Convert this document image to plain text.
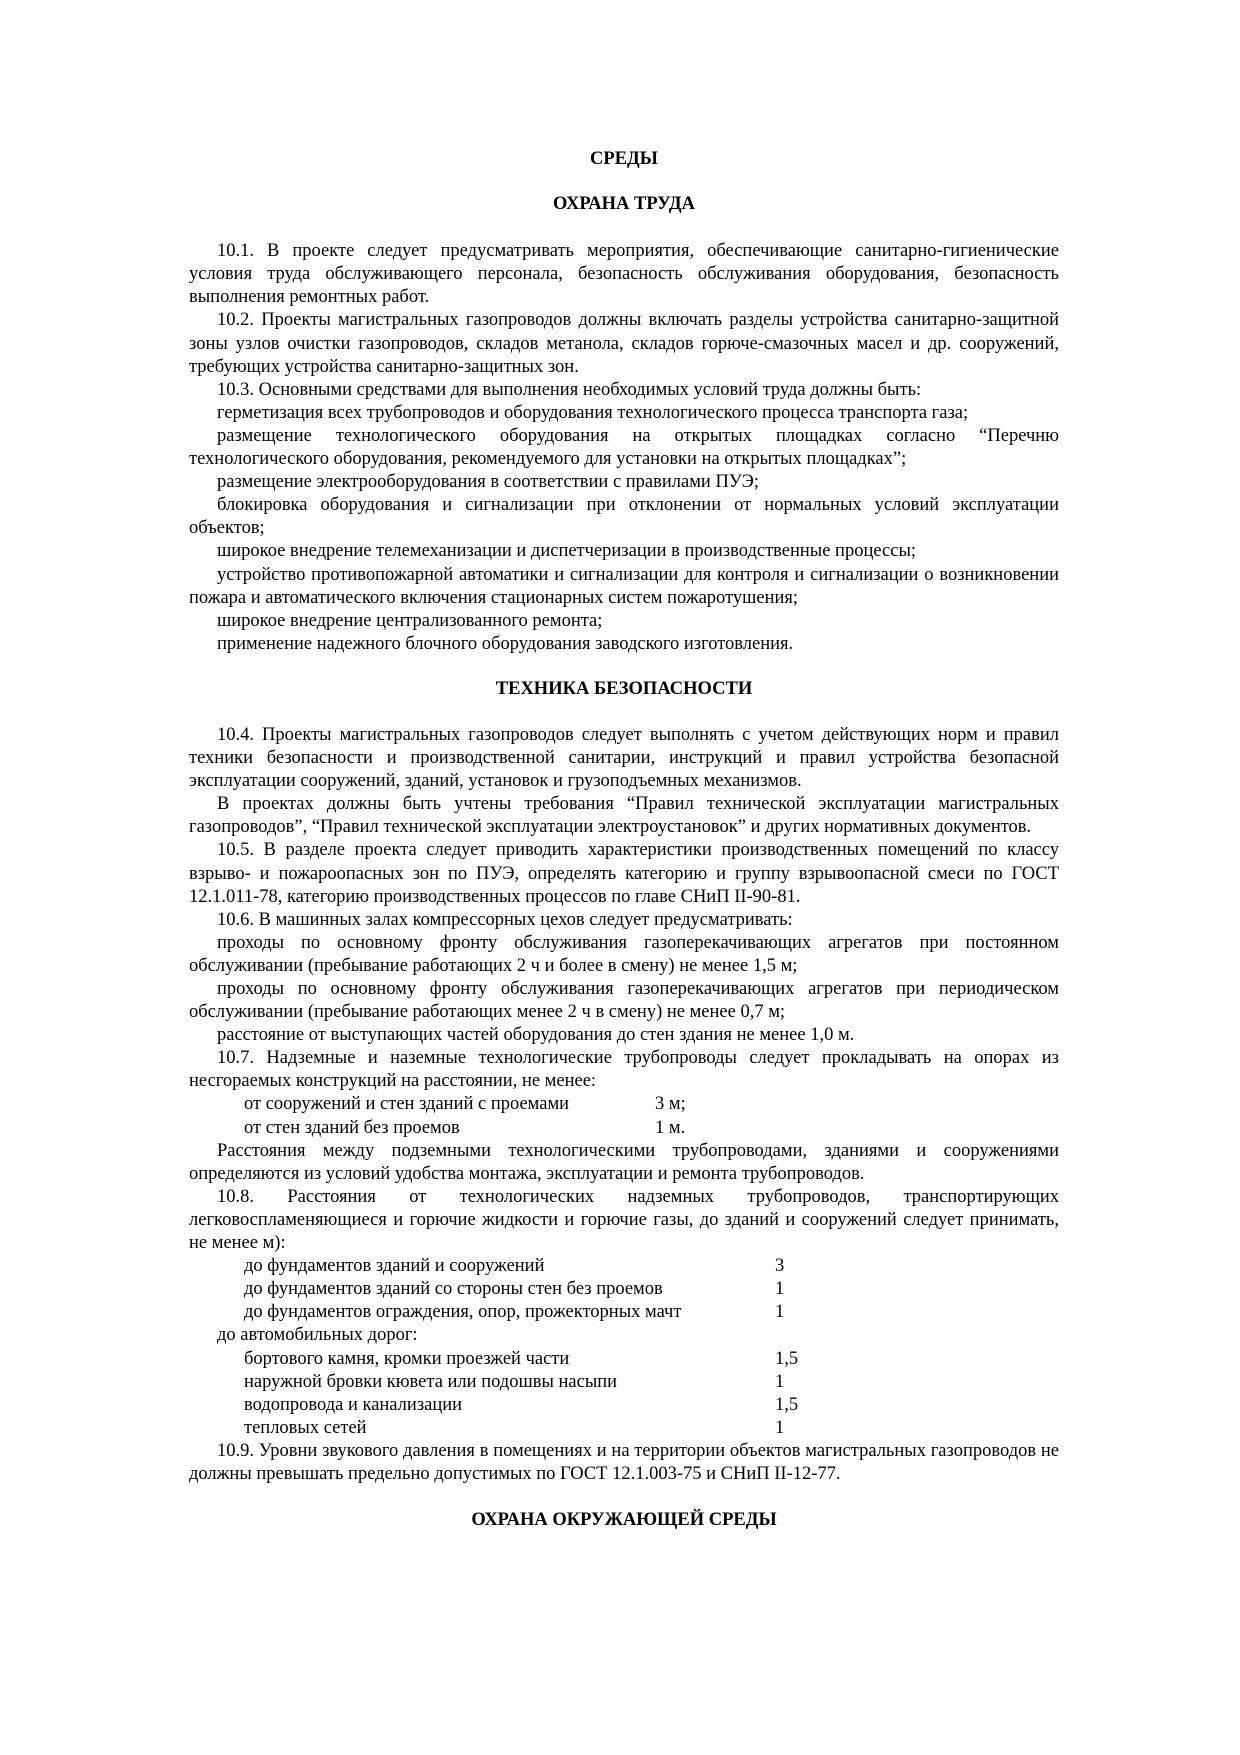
СРЕДЫ
ОХРАНА ТРУДА

10.1. В проекте следует предусматривать мероприятия, обеспечивающие санитарно-гигиенические условия труда обслуживающего персонала, безопасность обслуживания оборудования, безопасность выполнения ремонтных работ.

10.2. Проекты магистральных газопроводов должны включать разделы устройства санитарно-защитной зоны узлов очистки газопроводов, складов метанола, складов горюче-смазочных масел и др. сооружений, требующих устройства санитарно-защитных зон.

10.3. Основными средствами для выполнения необходимых условий труда должны быть:

герметизация всех трубопроводов и оборудования технологического процесса транспорта газа;

размещение технологического оборудования на открытых площадках согласно “Перечню технологического оборудования, рекомендуемого для установки на открытых площадках”;

размещение электрооборудования в соответствии с правилами ПУЭ;

блокировка оборудования и сигнализации при отклонении от нормальных условий эксплуатации объектов;

широкое внедрение телемеханизации и диспетчеризации в производственные процессы;

устройство противопожарной автоматики и сигнализации для контроля и сигнализации о возникновении пожара и автоматического включения стационарных систем пожаротушения;

широкое внедрение централизованного ремонта;

применение надежного блочного оборудования заводского изготовления.

ТЕХНИКА БЕЗОПАСНОСТИ

10.4. Проекты магистральных газопроводов следует выполнять с учетом действующих норм и правил техники безопасности и производственной санитарии, инструкций и правил устройства безопасной эксплуатации сооружений, зданий, установок и грузоподъемных механизмов.

В проектах должны быть учтены требования “Правил технической эксплуатации магистральных газопроводов”, “Правил технической эксплуатации электроустановок” и других нормативных документов.

10.5. В разделе проекта следует приводить характеристики производственных помещений по классу взрыво- и пожароопасных зон по ПУЭ, определять категорию и группу взрывоопасной смеси по ГОСТ 12.1.011-78, категорию производственных процессов по главе СНиП II-90-81.

10.6. В машинных залах компрессорных цехов следует предусматривать:

проходы по основному фронту обслуживания газоперекачивающих агрегатов при постоянном обслуживании (пребывание работающих 2 ч и более в смену) не менее 1,5 м;

проходы по основному фронту обслуживания газоперекачивающих агрегатов при периодическом обслуживании (пребывание работающих менее 2 ч в смену) не менее 0,7 м;

расстояние от выступающих частей оборудования до стен здания не менее 1,0 м.

10.7. Надземные и наземные технологические трубопроводы следует прокладывать на опорах из несгораемых конструкций на расстоянии, не менее:

от сооружений и стен зданий с проемами	3 м;
от стен зданий без проемов	1 м.

Расстояния между подземными технологическими трубопроводами, зданиями и сооружениями определяются из условий удобства монтажа, эксплуатации и ремонта трубопроводов.

10.8. Расстояния от технологических надземных трубопроводов, транспортирующих легковоспламеняющиеся и горючие жидкости и горючие газы, до зданий и сооружений следует принимать, не менее м):

до фундаментов зданий и сооружений	3
до фундаментов зданий со стороны стен без проемов	1
до фундаментов ограждения, опор, прожекторных мачт	1
до автомобильных дорог:
бортового камня, кромки проезжей части	1,5
наружной бровки кювета или подошвы насыпи	1
водопровода и канализации	1,5
тепловых сетей	1

10.9. Уровни звукового давления в помещениях и на территории объектов магистральных газопроводов не должны превышать предельно допустимых по ГОСТ 12.1.003-75 и СНиП II-12-77.

ОХРАНА ОКРУЖАЮЩЕЙ СРЕДЫ
